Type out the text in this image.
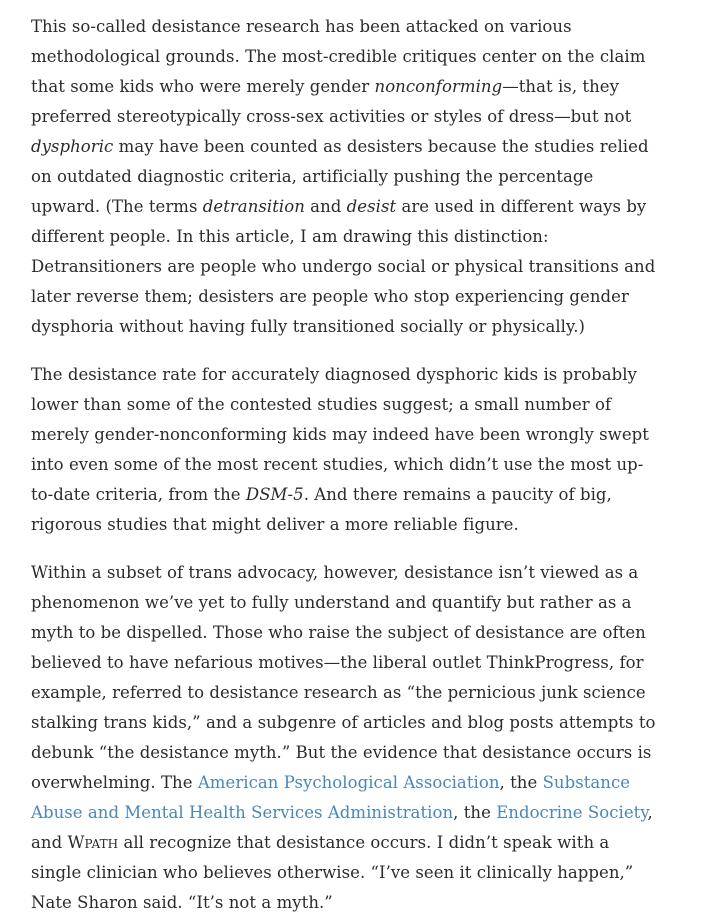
This so-called desistance research has been attacked on various methodological grounds. The most-credible critiques center on the claim that some kids who were merely gender nonconforming—that is, they preferred stereotypically cross-sex activities or styles of dress—but not dysphoric may have been counted as desisters because the studies relied on outdated diagnostic criteria, artificially pushing the percentage upward. (The terms detransition and desist are used in different ways by different people. In this article, I am drawing this distinction: Detransitioners are people who undergo social or physical transitions and later reverse them; desisters are people who stop experiencing gender dysphoria without having fully transitioned socially or physically.)

The desistance rate for accurately diagnosed dysphoric kids is probably lower than some of the contested studies suggest; a small number of merely gender-nonconforming kids may indeed have been wrongly swept into even some of the most recent studies, which didn’t use the most up-to-date criteria, from the DSM-5. And there remains a paucity of big, rigorous studies that might deliver a more reliable figure.

Within a subset of trans advocacy, however, desistance isn’t viewed as a phenomenon we’ve yet to fully understand and quantify but rather as a myth to be dispelled. Those who raise the subject of desistance are often believed to have nefarious motives—the liberal outlet ThinkProgress, for example, referred to desistance research as “the pernicious junk science stalking trans kids,” and a subgenre of articles and blog posts attempts to debunk “the desistance myth.” But the evidence that desistance occurs is overwhelming. The American Psychological Association, the Substance Abuse and Mental Health Services Administration, the Endocrine Society, and Wpath all recognize that desistance occurs. I didn’t speak with a single clinician who believes otherwise. “I’ve seen it clinically happen,” Nate Sharon said. “It’s not a myth.”
